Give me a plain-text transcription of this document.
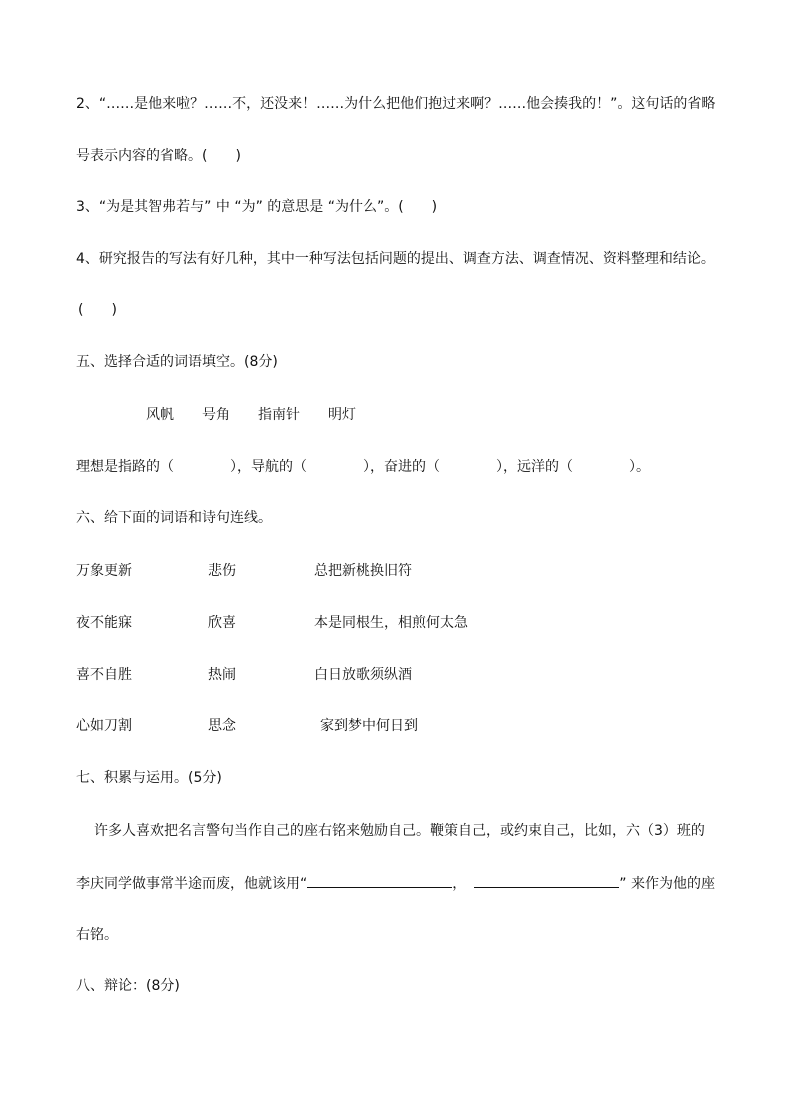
2、“……是他来啦？……不，还没来！……为什么把他们抱过来啊？……他会揍我的！”。这句话的省略
号表示内容的省略。(　　)
3、“为是其智弗若与” 中 “为” 的意思是 “为什么”。(　　)
4、研究报告的写法有好几种，其中一种写法包括问题的提出、调查方法、调查情况、资料整理和结论。
(　　)
五、选择合适的词语填空。(8分)
风帆 号角 指南针 明灯
理想是指路的（　　　　），导航的（　　　　），奋进的（　　　　），远洋的（　　　　）。
六、给下面的词语和诗句连线。
万象更新	悲伤	总把新桃换旧符
夜不能寐	欣喜	本是同根生，相煎何太急
喜不自胜	热闹	白日放歌须纵酒
心如刀割	思念	家到梦中何日到
七、积累与运用。(5分)
许多人喜欢把名言警句当作自己的座右铭来勉励自己。鞭策自己，或约束自己，比如，六（3）班的
李庆同学做事常半途而废，他就该用“	，	” 来作为他的座
右铭。
八、辩论：(8分)
